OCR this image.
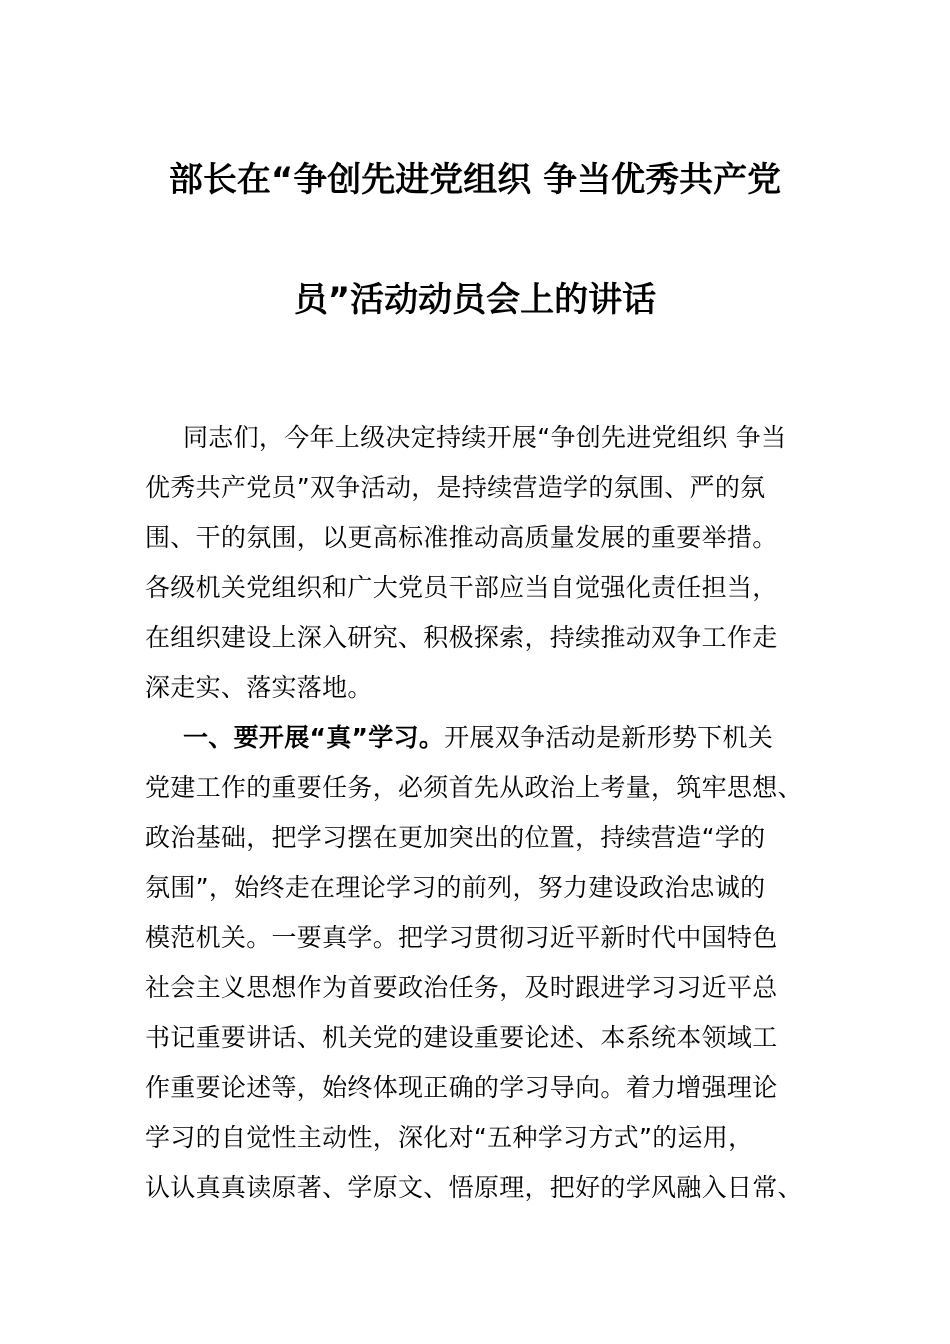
部长在“争创先进党组织 争当优秀共产党
员”活动动员会上的讲话
同志们，今年上级决定持续开展“争创先进党组织 争当
优秀共产党员”双争活动，是持续营造学的氛围、严的氛
围、干的氛围，以更高标准推动高质量发展的重要举措。
各级机关党组织和广大党员干部应当自觉强化责任担当，
在组织建设上深入研究、积极探索，持续推动双争工作走
深走实、落实落地。
一、要开展“真”学习。开展双争活动是新形势下机关
党建工作的重要任务，必须首先从政治上考量，筑牢思想、
政治基础，把学习摆在更加突出的位置，持续营造“学的
氛围”，始终走在理论学习的前列，努力建设政治忠诚的
模范机关。一要真学。把学习贯彻习近平新时代中国特色
社会主义思想作为首要政治任务，及时跟进学习习近平总
书记重要讲话、机关党的建设重要论述、本系统本领域工
作重要论述等，始终体现正确的学习导向。着力增强理论
学习的自觉性主动性，深化对“五种学习方式”的运用，
认认真真读原著、学原文、悟原理，把好的学风融入日常、
